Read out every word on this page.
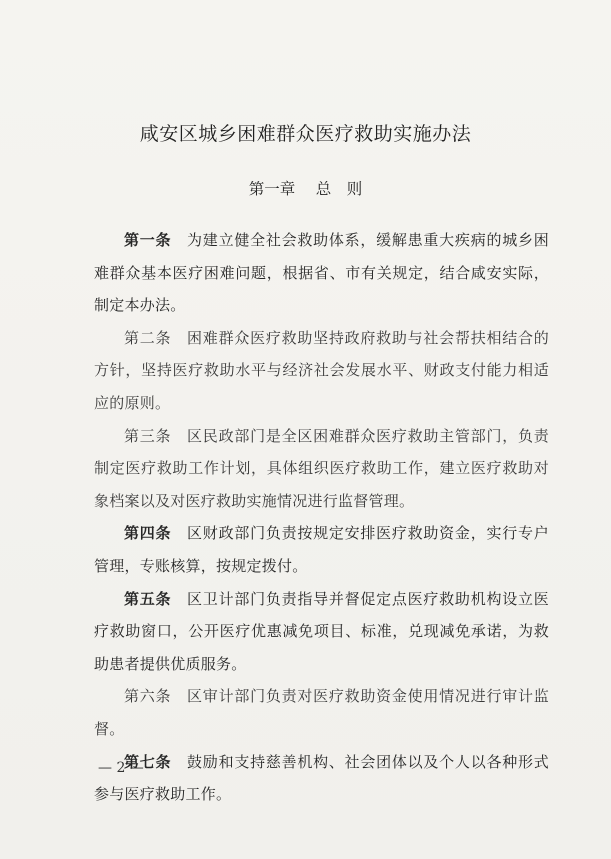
咸安区城乡困难群众医疗救助实施办法
第一章　 总　则

第一条　 为建立健全社会救助体系，缓解患重大疾病的城乡困难群众基本医疗困难问题，根据省、市有关规定，结合咸安实际，制定本办法。

第二条　 困难群众医疗救助坚持政府救助与社会帮扶相结合的方针，坚持医疗救助水平与经济社会发展水平、财政支付能力相适应的原则。

第三条　 区民政部门是全区困难群众医疗救助主管部门，负责制定医疗救助工作计划，具体组织医疗救助工作，建立医疗救助对象档案以及对医疗救助实施情况进行监督管理。

第四条　 区财政部门负责按规定安排医疗救助资金，实行专户管理，专账核算，按规定拨付。

第五条　 区卫计部门负责指导并督促定点医疗救助机构设立医疗救助窗口，公开医疗优惠减免项目、标准，兑现减免承诺，为救助患者提供优质服务。

第六条　 区审计部门负责对医疗救助资金使用情况进行审计监督。

第七条　 鼓励和支持慈善机构、社会团体以及个人以各种形式参与医疗救助工作。

— 2 —
